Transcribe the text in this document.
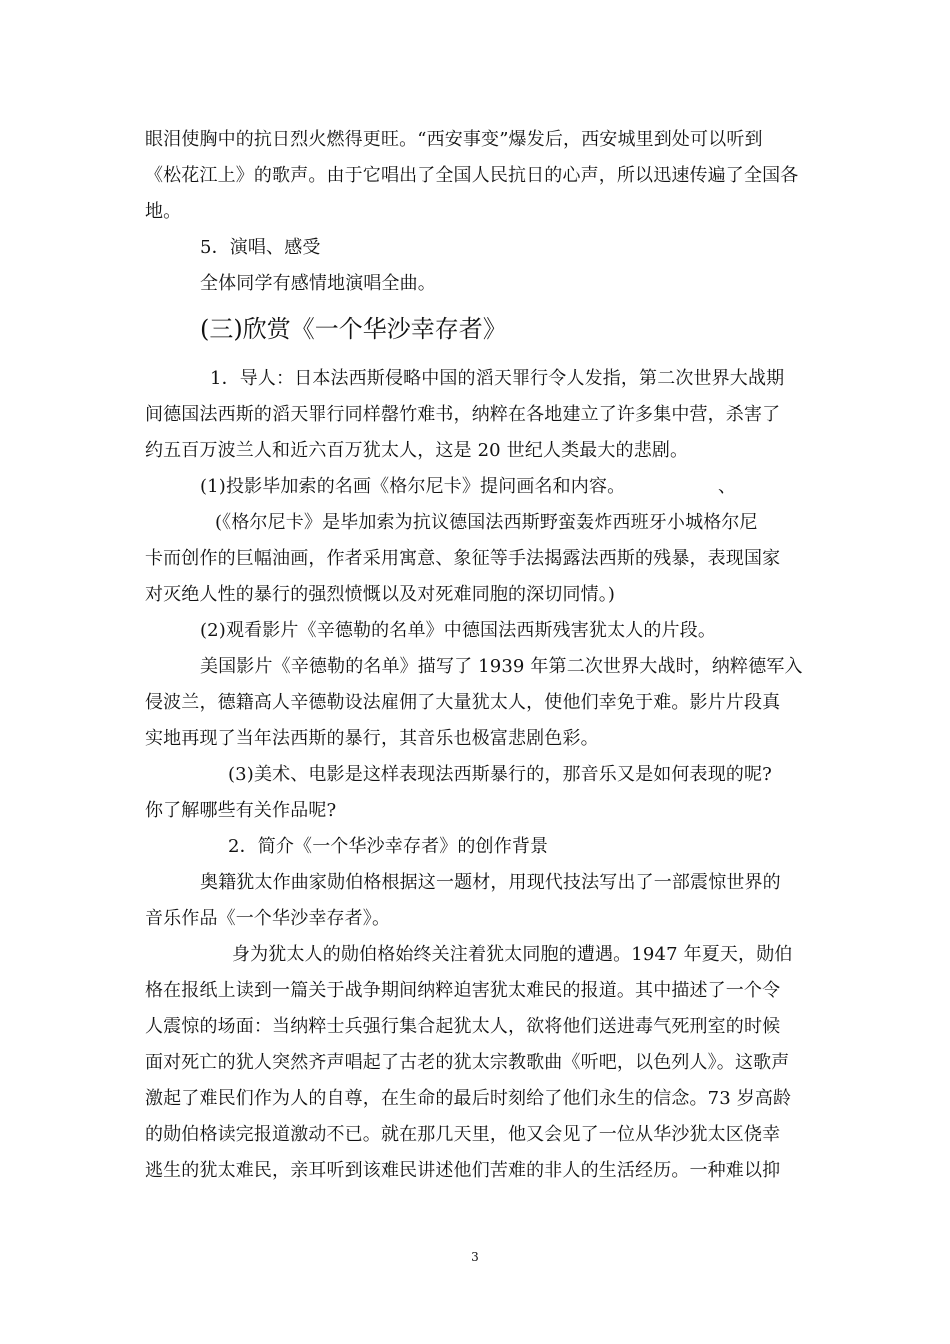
眼泪使胸中的抗日烈火燃得更旺。“西安事变”爆发后，西安城里到处可以听到
《松花江上》的歌声。由于它唱出了全国人民抗日的心声，所以迅速传遍了全国各
地。
5．演唱、感受
全体同学有感情地演唱全曲。
(三)欣赏《一个华沙幸存者》
1．导人：日本法西斯侵略中国的滔天罪行令人发指，第二次世界大战期
间德国法西斯的滔天罪行同样罄竹难书，纳粹在各地建立了许多集中营，杀害了
约五百万波兰人和近六百万犹太人，这是 20 世纪人类最大的悲剧。
(1)投影毕加索的名画《格尔尼卡》提问画名和内容。	、
(《格尔尼卡》是毕加索为抗议德国法西斯野蛮轰炸西班牙小城格尔尼
卡而创作的巨幅油画，作者采用寓意、象征等手法揭露法西斯的残暴，表现国家
对灭绝人性的暴行的强烈愤慨以及对死难同胞的深切同情。)
(2)观看影片《辛德勒的名单》中德国法西斯残害犹太人的片段。
美国影片《辛德勒的名单》描写了 1939 年第二次世界大战时，纳粹德军入
侵波兰，德籍高人辛德勒设法雇佣了大量犹太人，使他们幸免于难。影片片段真
实地再现了当年法西斯的暴行，其音乐也极富悲剧色彩。
(3)美术、电影是这样表现法西斯暴行的，那音乐又是如何表现的呢?
你了解哪些有关作品呢?
2．简介《一个华沙幸存者》的创作背景
奥籍犹太作曲家勋伯格根据这一题材，用现代技法写出了一部震惊世界的
音乐作品《一个华沙幸存者》。
身为犹太人的勋伯格始终关注着犹太同胞的遭遇。1947 年夏天，勋伯
格在报纸上读到一篇关于战争期间纳粹迫害犹太难民的报道。其中描述了一个令
人震惊的场面：当纳粹士兵强行集合起犹太人，欲将他们送进毒气死刑室的时候
面对死亡的犹人突然齐声唱起了古老的犹太宗教歌曲《听吧，以色列人》。这歌声
激起了难民们作为人的自尊，在生命的最后时刻给了他们永生的信念。73 岁高龄
的勋伯格读完报道激动不已。就在那几天里，他又会见了一位从华沙犹太区侥幸
逃生的犹太难民，亲耳听到该难民讲述他们苦难的非人的生活经历。一种难以抑
3
